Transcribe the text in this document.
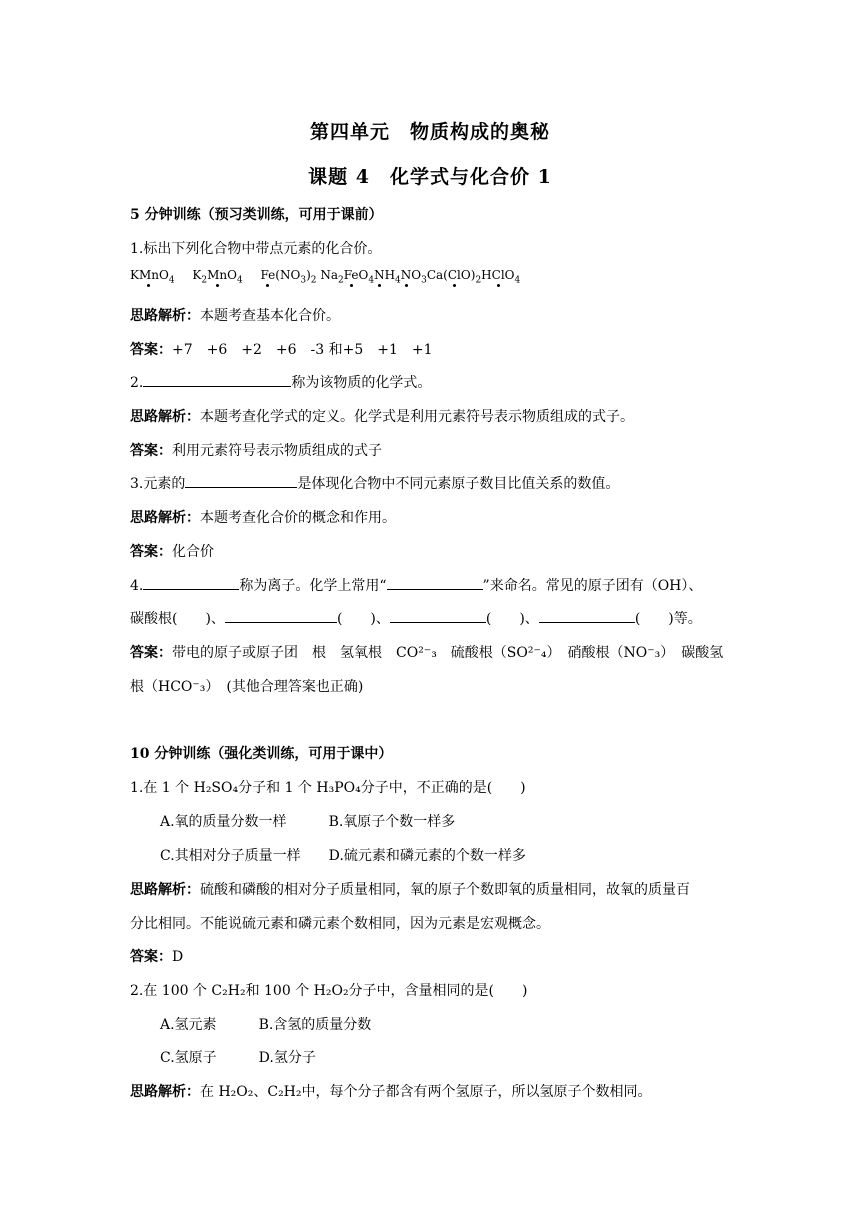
第四单元　物质构成的奥秘
课题 4　化学式与化合价 1
5 分钟训练（预习类训练，可用于课前）
1.标出下列化合物中带点元素的化合价。
KMnO$_4$ $K_2MnO_4$ $Fe(NO_3)_2$ $Na_2FeO_4NH_4NO_3Ca(ClO)_2HClO_4$
思路解析：本题考查基本化合价。
答案：+7　+6　+2　+6　-3 和+5　+1　+1
2.	称为该物质的化学式。
思路解析：本题考查化学式的定义。化学式是利用元素符号表示物质组成的式子。
答案：利用元素符号表示物质组成的式子
3.元素的	是体现化合物中不同元素原子数目比值关系的数值。
思路解析：本题考查化合价的概念和作用。
答案：化合价
4.	称为离子。化学上常用“	”来命名。常见的原子团有（OH）、
碳酸根(　　)、	(　　)、	(　　)、	(　　)等。
答案：带电的原子或原子团　根　氢氧根　CO²⁻₃　硫酸根（SO²⁻₄）　硝酸根（NO⁻₃）　碳酸氢
根（HCO⁻₃）　(其他合理答案也正确)
10 分钟训练（强化类训练，可用于课中）
1.在 1 个 H₂SO₄分子和 1 个 H₃PO₄分子中，不正确的是(　　)
A.氧的质量分数一样	B.氧原子个数一样多
C.其相对分子质量一样 D.硫元素和磷元素的个数一样多
思路解析：硫酸和磷酸的相对分子质量相同，氧的原子个数即氧的质量相同，故氧的质量百
分比相同。不能说硫元素和磷元素个数相同，因为元素是宏观概念。
答案：D
2.在 100 个 C₂H₂和 100 个 H₂O₂分子中，含量相同的是(　　)
A.氢元素	B.含氢的质量分数
C.氢原子	D.氢分子
思路解析：在 H₂O₂、C₂H₂中，每个分子都含有两个氢原子，所以氢原子个数相同。
